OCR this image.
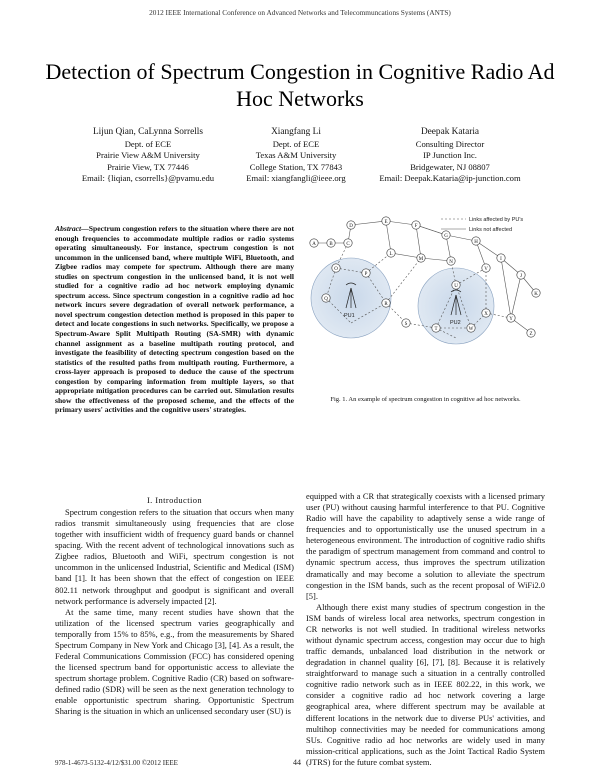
2012 IEEE International Conference on Advanced Networks and Telecommuncations Systems (ANTS)
Detection of Spectrum Congestion in Cognitive Radio Ad Hoc Networks
Lijun Qian, CaLynna Sorrells
Dept. of ECE
Prairie View A&M University
Prairie View, TX 77446
Email: {liqian, csorrells}@pvamu.edu
Xiangfang Li
Dept. of ECE
Texas A&M University
College Station, TX 77843
Email: xiangfangli@ieee.org
Deepak Kataria
Consulting Director
IP Junction Inc.
Bridgewater, NJ 08807
Email: Deepak.Kataria@ip-junction.com
Abstract—Spectrum congestion refers to the situation where there are not enough frequencies to accommodate multiple radios or radio systems operating simultaneously. For instance, spectrum congestion is not uncommon in the unlicensed band, where multiple WiFi, Bluetooth, and Zigbee radios may compete for spectrum. Although there are many studies on spectrum congestion in the unlicensed band, it is not well studied for a cognitive radio ad hoc network employing dynamic spectrum access. Since spectrum congestion in a cognitive radio ad hoc network incurs severe degradation of overall network performance, a novel spectrum congestion detection method is proposed in this paper to detect and locate congestions in such networks. Specifically, we propose a Spectrum-Aware Split Multipath Routing (SA-SMR) with dynamic channel assignment as a baseline multipath routing protocol, and investigate the feasibility of detecting spectrum congestion based on the statistics of the resulted paths from multipath routing. Furthermore, a cross-layer approach is proposed to deduce the cause of the spectrum congestion by comparing information from multiple layers, so that appropriate mitigation procedures can be carried out. Simulation results show the effectiveness of the proposed scheme, and the effects of the primary users' activities and the cognitive users' strategies.
I. Introduction

Spectrum congestion refers to the situation that occurs when many radios transmit simultaneously using frequencies that are close together with insufficient width of frequency guard bands or channel spacing. With the recent advent of technological innovations such as Zigbee radios, Bluetooth and WiFi, spectrum congestion is not uncommon in the unlicensed Industrial, Scientific and Medical (ISM) band [1]. It has been shown that the effect of congestion on IEEE 802.11 network throughput and goodput is significant and overall network performance is adversely impacted [2].

At the same time, many recent studies have shown that the utilization of the licensed spectrum varies geographically and temporally from 15% to 85%, e.g., from the measurements by Shared Spectrum Company in New York and Chicago [3], [4]. As a result, the Federal Communications Commission (FCC) has considered opening the licensed spectrum band for opportunistic access to alleviate the spectrum shortage problem. Cognitive Radio (CR) based on software-defined radio (SDR) will be seen as the next generation technology to enable opportunistic spectrum sharing. Opportunistic Spectrum Sharing is the situation in which an unlicensed secondary user (SU) is

Links affected by PU's
Links not affected
PU1
PU2
A	B	C
D
E
F
G
H
I
J
K
L
M
N
O
P
Q
R
S
T
U
V
W
X
Y
Z
Fig. 1. An example of spectrum congestion in cognitive ad hoc networks.

equipped with a CR that strategically coexists with a licensed primary user (PU) without causing harmful interference to that PU. Cognitive Radio will have the capability to adaptively sense a wide range of frequencies and to opportunistically use the unused spectrum in a heterogeneous environment. The introduction of cognitive radio shifts the paradigm of spectrum management from command and control to dynamic spectrum access, thus improves the spectrum utilization dramatically and may become a solution to alleviate the spectrum congestion in the ISM bands, such as the recent proposal of WiFi2.0 [5].

Although there exist many studies of spectrum congestion in the ISM bands of wireless local area networks, spectrum congestion in CR networks is not well studied. In traditional wireless networks without dynamic spectrum access, congestion may occur due to high traffic demands, unbalanced load distribution in the network or degradation in channel quality [6], [7], [8]. Because it is relatively straightforward to manage such a situation in a centrally controlled cognitive radio network such as in IEEE 802.22, in this work, we consider a cognitive radio ad hoc network covering a large geographical area, where different spectrum may be available at different locations in the network due to diverse PUs' activities, and multihop connectivities may be needed for communications among SUs. Cognitive radio ad hoc networks are widely used in many mission-critical applications, such as the Joint Tactical Radio System (JTRS) for the future combat system.

978-1-4673-5132-4/12/$31.00 ©2012 IEEE	44
